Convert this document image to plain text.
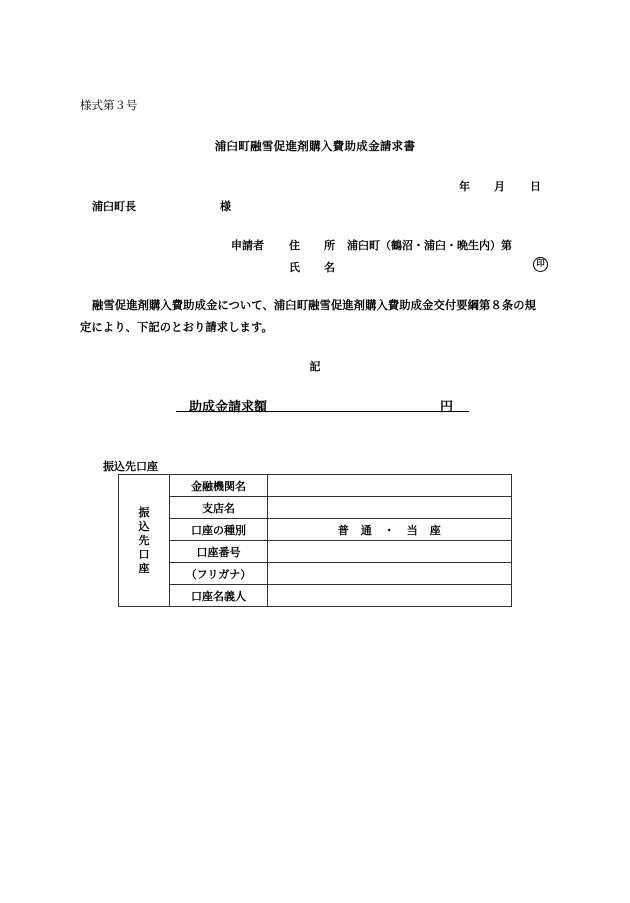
様式第３号
浦臼町融雪促進剤購入費助成金請求書
年 月 日
浦臼町長	様
申請者 住 所 浦臼町（鶴沼・浦臼・晩生内）第
氏 名	印
融雪促進剤購入費助成金について、浦臼町融雪促進剤購入費助成金交付要綱第８条の規
定により、下記のとおり請求します。
記
助成金請求額	円
振込先口座
振
込
先
口
座	金融機関名	
	支店名	
	口座の種別	普　通　・　当　座
	口座番号	
	（フリガナ）	
	口座名義人	
